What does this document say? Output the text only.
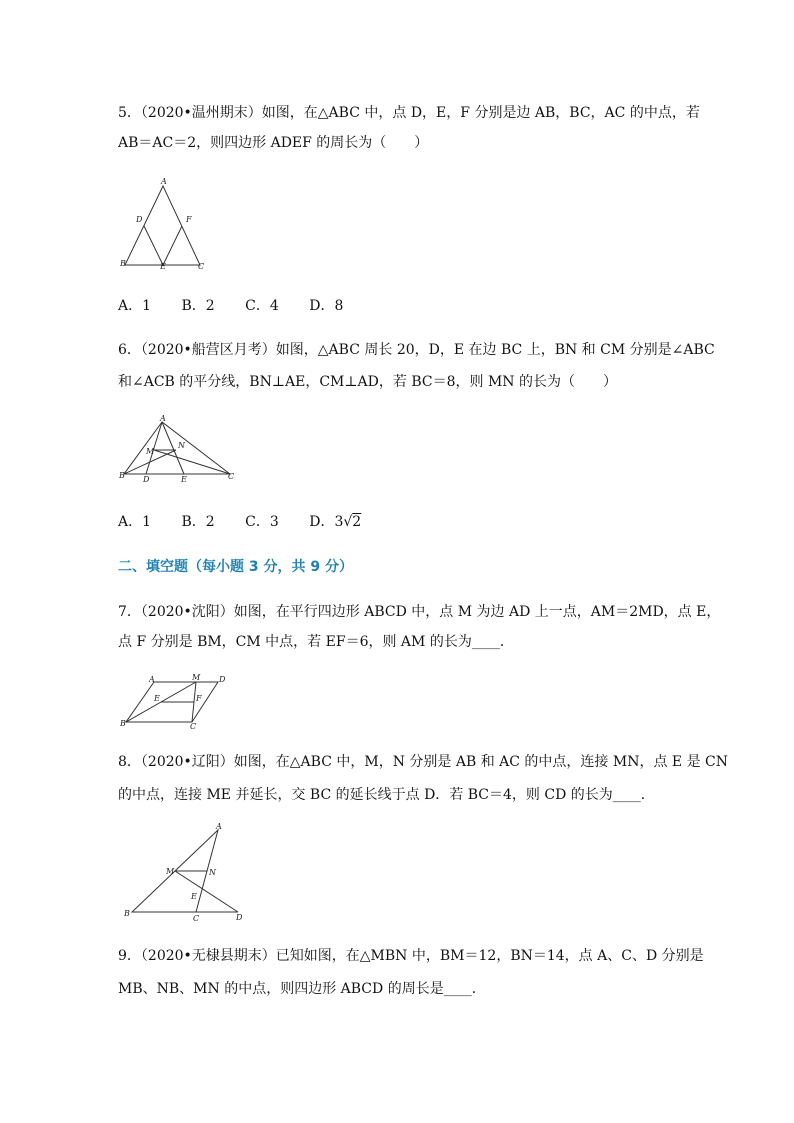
5．（2020•温州期末）如图，在△ABC 中，点 D，E，F 分别是边 AB，BC，AC 的中点，若
AB＝AC＝2，则四边形 ADEF 的周长为（　　）
A
D	F
B	E	C
A．1 B．2 C．4 D．8
6．（2020•船营区月考）如图，△ABC 周长 20，D，E 在边 BC 上，BN 和 CM 分别是∠ABC
和∠ACB 的平分线，BN⊥AE，CM⊥AD，若 BC＝8，则 MN 的长为（　　）
A
M
N
B D	E	C
A．1 B．2 C．3 D．3√2
二、填空题（每小题 3 分，共 9 分）
7．（2020•沈阳）如图，在平行四边形 ABCD 中，点 M 为边 AD 上一点，AM＝2MD，点 E，
点 F 分别是 BM，CM 中点，若 EF＝6，则 AM 的长为____．
A	M D
E	F
B	C
8．（2020•辽阳）如图，在△ABC 中，M，N 分别是 AB 和 AC 的中点，连接 MN，点 E 是 CN
的中点，连接 ME 并延长，交 BC 的延长线于点 D．若 BC＝4，则 CD 的长为____．
A
M	N
E
B
C	D
9．（2020•无棣县期末）已知如图，在△MBN 中，BM＝12，BN＝14，点 A、C、D 分别是
MB、NB、MN 的中点，则四边形 ABCD 的周长是____．
